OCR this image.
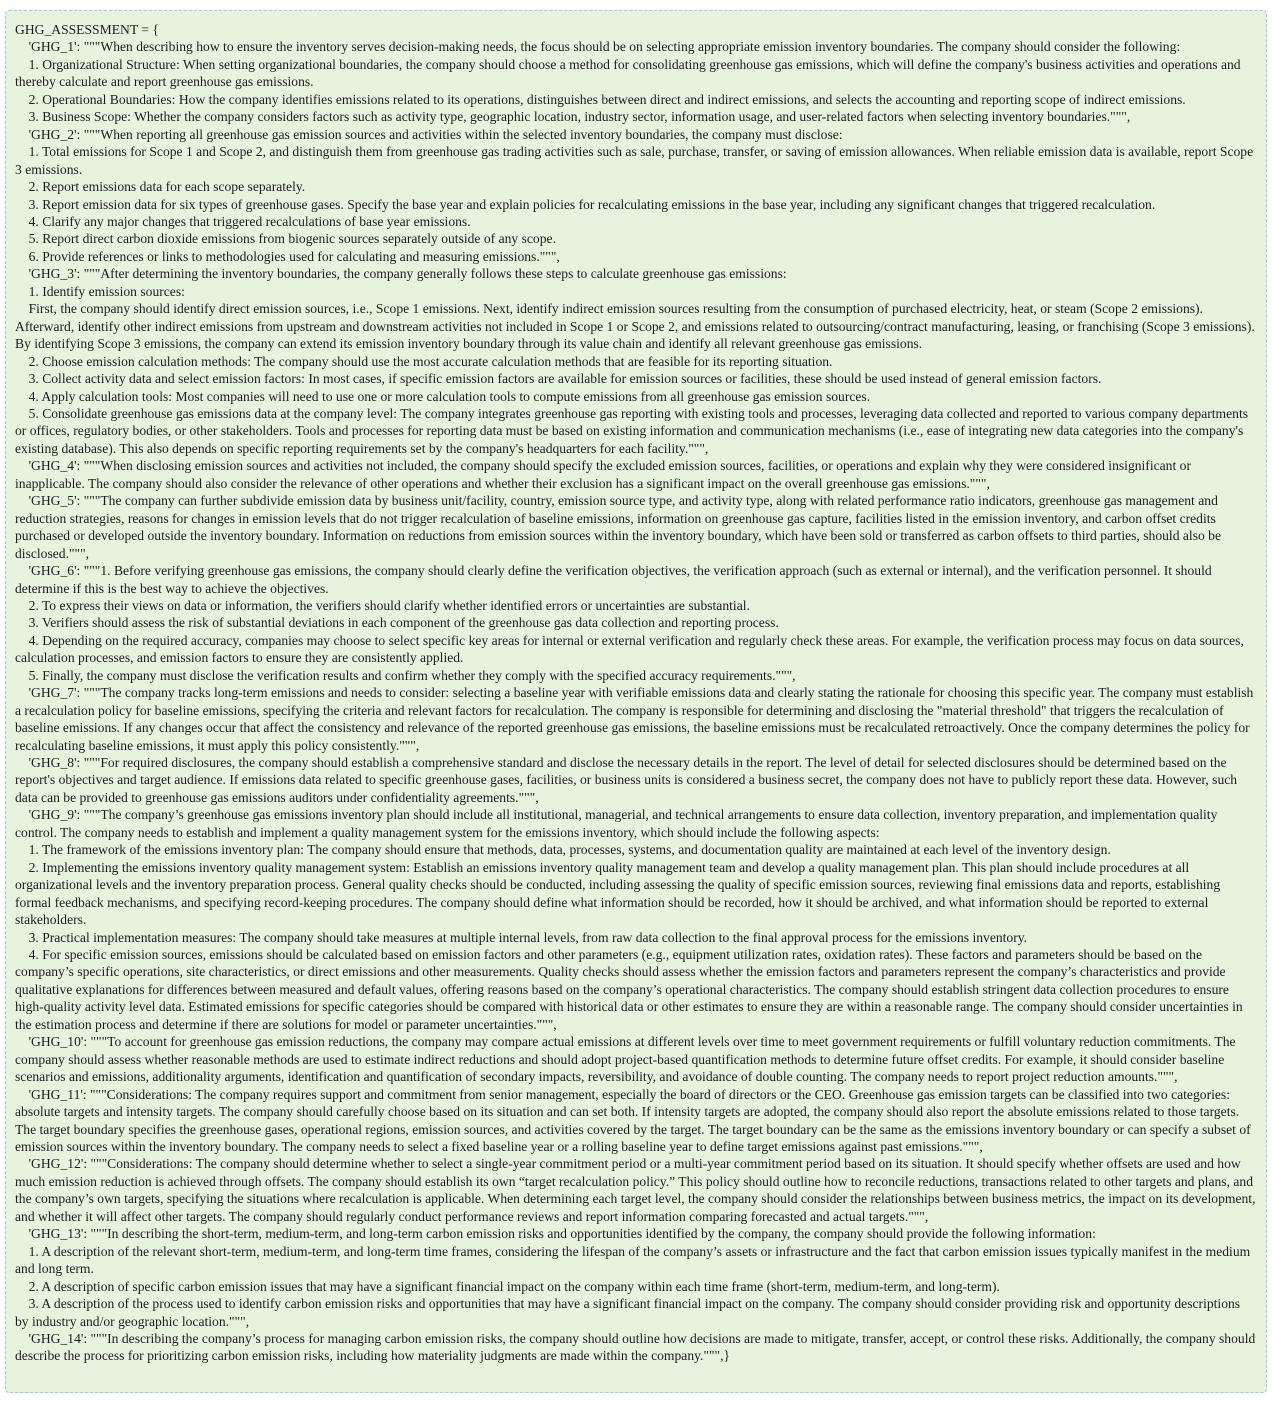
GHG_ASSESSMENT = {
'GHG_1': """When describing how to ensure the inventory serves decision-making needs, the focus should be on selecting appropriate emission inventory boundaries. The company should consider the following:
1. Organizational Structure: When setting organizational boundaries, the company should choose a method for consolidating greenhouse gas emissions, which will define the company's business activities and operations and thereby calculate and report greenhouse gas emissions.
2. Operational Boundaries: How the company identifies emissions related to its operations, distinguishes between direct and indirect emissions, and selects the accounting and reporting scope of indirect emissions.
3. Business Scope: Whether the company considers factors such as activity type, geographic location, industry sector, information usage, and user-related factors when selecting inventory boundaries.""",
'GHG_2': """When reporting all greenhouse gas emission sources and activities within the selected inventory boundaries, the company must disclose:
1. Total emissions for Scope 1 and Scope 2, and distinguish them from greenhouse gas trading activities such as sale, purchase, transfer, or saving of emission allowances. When reliable emission data is available, report Scope 3 emissions.
2. Report emissions data for each scope separately.
3. Report emission data for six types of greenhouse gases. Specify the base year and explain policies for recalculating emissions in the base year, including any significant changes that triggered recalculation.
4. Clarify any major changes that triggered recalculations of base year emissions.
5. Report direct carbon dioxide emissions from biogenic sources separately outside of any scope.
6. Provide references or links to methodologies used for calculating and measuring emissions.""",
'GHG_3': """After determining the inventory boundaries, the company generally follows these steps to calculate greenhouse gas emissions:
1. Identify emission sources:
First, the company should identify direct emission sources, i.e., Scope 1 emissions. Next, identify indirect emission sources resulting from the consumption of purchased electricity, heat, or steam (Scope 2 emissions). Afterward, identify other indirect emissions from upstream and downstream activities not included in Scope 1 or Scope 2, and emissions related to outsourcing/contract manufacturing, leasing, or franchising (Scope 3 emissions). By identifying Scope 3 emissions, the company can extend its emission inventory boundary through its value chain and identify all relevant greenhouse gas emissions.
2. Choose emission calculation methods: The company should use the most accurate calculation methods that are feasible for its reporting situation.
3. Collect activity data and select emission factors: In most cases, if specific emission factors are available for emission sources or facilities, these should be used instead of general emission factors.
4. Apply calculation tools: Most companies will need to use one or more calculation tools to compute emissions from all greenhouse gas emission sources.
5. Consolidate greenhouse gas emissions data at the company level: The company integrates greenhouse gas reporting with existing tools and processes, leveraging data collected and reported to various company departments or offices, regulatory bodies, or other stakeholders. Tools and processes for reporting data must be based on existing information and communication mechanisms (i.e., ease of integrating new data categories into the company's existing database). This also depends on specific reporting requirements set by the company's headquarters for each facility.""",
'GHG_4': """When disclosing emission sources and activities not included, the company should specify the excluded emission sources, facilities, or operations and explain why they were considered insignificant or inapplicable. The company should also consider the relevance of other operations and whether their exclusion has a significant impact on the overall greenhouse gas emissions.""",
'GHG_5': """The company can further subdivide emission data by business unit/facility, country, emission source type, and activity type, along with related performance ratio indicators, greenhouse gas management and reduction strategies, reasons for changes in emission levels that do not trigger recalculation of baseline emissions, information on greenhouse gas capture, facilities listed in the emission inventory, and carbon offset credits purchased or developed outside the inventory boundary. Information on reductions from emission sources within the inventory boundary, which have been sold or transferred as carbon offsets to third parties, should also be disclosed.""",
'GHG_6': """1. Before verifying greenhouse gas emissions, the company should clearly define the verification objectives, the verification approach (such as external or internal), and the verification personnel. It should determine if this is the best way to achieve the objectives.
2. To express their views on data or information, the verifiers should clarify whether identified errors or uncertainties are substantial.
3. Verifiers should assess the risk of substantial deviations in each component of the greenhouse gas data collection and reporting process.
4. Depending on the required accuracy, companies may choose to select specific key areas for internal or external verification and regularly check these areas. For example, the verification process may focus on data sources, calculation processes, and emission factors to ensure they are consistently applied.
5. Finally, the company must disclose the verification results and confirm whether they comply with the specified accuracy requirements.""",
'GHG_7': """The company tracks long-term emissions and needs to consider: selecting a baseline year with verifiable emissions data and clearly stating the rationale for choosing this specific year. The company must establish a recalculation policy for baseline emissions, specifying the criteria and relevant factors for recalculation. The company is responsible for determining and disclosing the "material threshold" that triggers the recalculation of baseline emissions. If any changes occur that affect the consistency and relevance of the reported greenhouse gas emissions, the baseline emissions must be recalculated retroactively. Once the company determines the policy for recalculating baseline emissions, it must apply this policy consistently.""",
'GHG_8': """For required disclosures, the company should establish a comprehensive standard and disclose the necessary details in the report. The level of detail for selected disclosures should be determined based on the report's objectives and target audience. If emissions data related to specific greenhouse gases, facilities, or business units is considered a business secret, the company does not have to publicly report these data. However, such data can be provided to greenhouse gas emissions auditors under confidentiality agreements.""",
'GHG_9': """The company’s greenhouse gas emissions inventory plan should include all institutional, managerial, and technical arrangements to ensure data collection, inventory preparation, and implementation quality control. The company needs to establish and implement a quality management system for the emissions inventory, which should include the following aspects:
1. The framework of the emissions inventory plan: The company should ensure that methods, data, processes, systems, and documentation quality are maintained at each level of the inventory design.
2. Implementing the emissions inventory quality management system: Establish an emissions inventory quality management team and develop a quality management plan. This plan should include procedures at all organizational levels and the inventory preparation process. General quality checks should be conducted, including assessing the quality of specific emission sources, reviewing final emissions data and reports, establishing formal feedback mechanisms, and specifying record-keeping procedures. The company should define what information should be recorded, how it should be archived, and what information should be reported to external stakeholders.
3. Practical implementation measures: The company should take measures at multiple internal levels, from raw data collection to the final approval process for the emissions inventory.
4. For specific emission sources, emissions should be calculated based on emission factors and other parameters (e.g., equipment utilization rates, oxidation rates). These factors and parameters should be based on the company’s specific operations, site characteristics, or direct emissions and other measurements. Quality checks should assess whether the emission factors and parameters represent the company’s characteristics and provide qualitative explanations for differences between measured and default values, offering reasons based on the company’s operational characteristics. The company should establish stringent data collection procedures to ensure high-quality activity level data. Estimated emissions for specific categories should be compared with historical data or other estimates to ensure they are within a reasonable range. The company should consider uncertainties in the estimation process and determine if there are solutions for model or parameter uncertainties.""",
'GHG_10': """To account for greenhouse gas emission reductions, the company may compare actual emissions at different levels over time to meet government requirements or fulfill voluntary reduction commitments. The company should assess whether reasonable methods are used to estimate indirect reductions and should adopt project-based quantification methods to determine future offset credits. For example, it should consider baseline scenarios and emissions, additionality arguments, identification and quantification of secondary impacts, reversibility, and avoidance of double counting. The company needs to report project reduction amounts.""",
'GHG_11': """Considerations: The company requires support and commitment from senior management, especially the board of directors or the CEO. Greenhouse gas emission targets can be classified into two categories: absolute targets and intensity targets. The company should carefully choose based on its situation and can set both. If intensity targets are adopted, the company should also report the absolute emissions related to those targets. The target boundary specifies the greenhouse gases, operational regions, emission sources, and activities covered by the target. The target boundary can be the same as the emissions inventory boundary or can specify a subset of emission sources within the inventory boundary. The company needs to select a fixed baseline year or a rolling baseline year to define target emissions against past emissions.""",
'GHG_12': """Considerations: The company should determine whether to select a single-year commitment period or a multi-year commitment period based on its situation. It should specify whether offsets are used and how much emission reduction is achieved through offsets. The company should establish its own “target recalculation policy.” This policy should outline how to reconcile reductions, transactions related to other targets and plans, and the company’s own targets, specifying the situations where recalculation is applicable. When determining each target level, the company should consider the relationships between business metrics, the impact on its development, and whether it will affect other targets. The company should regularly conduct performance reviews and report information comparing forecasted and actual targets.""",
'GHG_13': """In describing the short-term, medium-term, and long-term carbon emission risks and opportunities identified by the company, the company should provide the following information:
1. A description of the relevant short-term, medium-term, and long-term time frames, considering the lifespan of the company’s assets or infrastructure and the fact that carbon emission issues typically manifest in the medium and long term.
2. A description of specific carbon emission issues that may have a significant financial impact on the company within each time frame (short-term, medium-term, and long-term).
3. A description of the process used to identify carbon emission risks and opportunities that may have a significant financial impact on the company. The company should consider providing risk and opportunity descriptions by industry and/or geographic location.""",
'GHG_14': """In describing the company’s process for managing carbon emission risks, the company should outline how decisions are made to mitigate, transfer, accept, or control these risks. Additionally, the company should describe the process for prioritizing carbon emission risks, including how materiality judgments are made within the company.""",}
